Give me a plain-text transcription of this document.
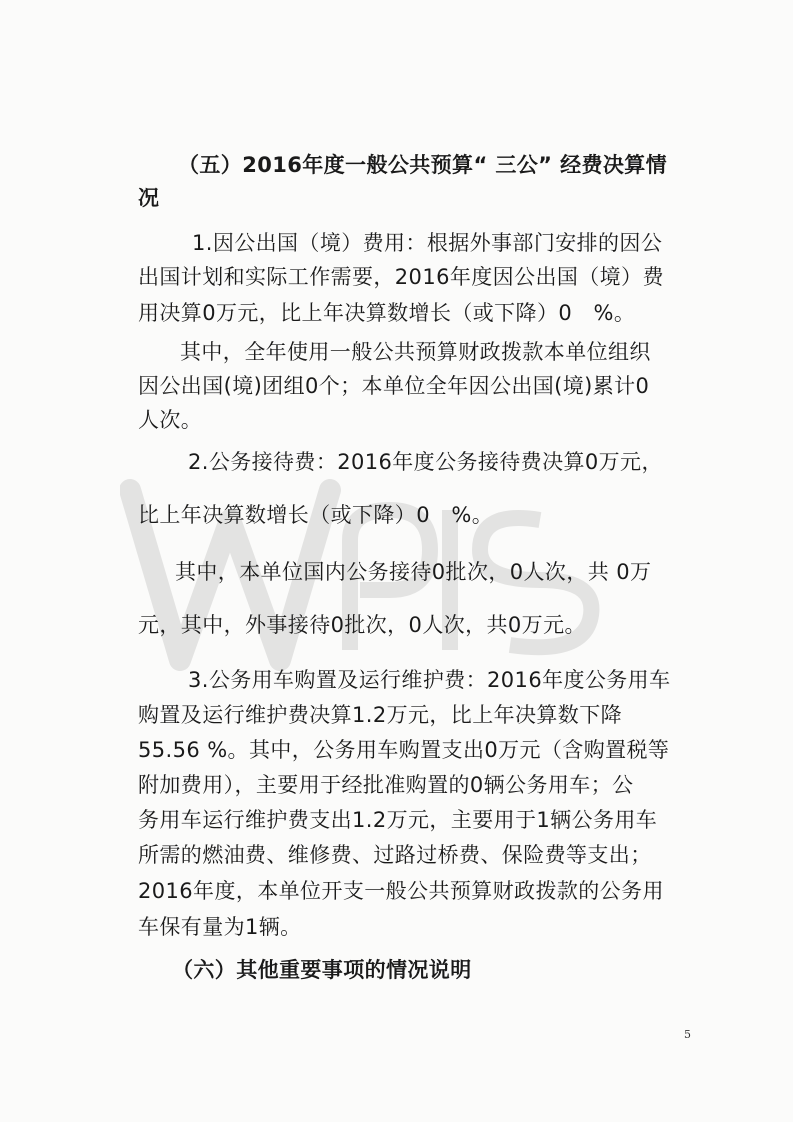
（五）2016年度一般公共预算“ 三公” 经费决算情
况
1.因公出国（境）费用：根据外事部门安排的因公
出国计划和实际工作需要，2016年度因公出国（境）费
用决算0万元，比上年决算数增长（或下降）0　%。
其中，全年使用一般公共预算财政拨款本单位组织
因公出国(境)团组0个；本单位全年因公出国(境)累计0
人次。
2.公务接待费：2016年度公务接待费决算0万元，
比上年决算数增长（或下降）0　%。
其中，本单位国内公务接待0批次，0人次，共 0万
元，其中，外事接待0批次，0人次，共0万元。
3.公务用车购置及运行维护费：2016年度公务用车
购置及运行维护费决算1.2万元，比上年决算数下降
55.56 %。其中，公务用车购置支出0万元（含购置税等
附加费用），主要用于经批准购置的0辆公务用车；公
务用车运行维护费支出1.2万元，主要用于1辆公务用车
所需的燃油费、维修费、过路过桥费、保险费等支出；
2016年度，本单位开支一般公共预算财政拨款的公务用
车保有量为1辆。
（六）其他重要事项的情况说明
5
